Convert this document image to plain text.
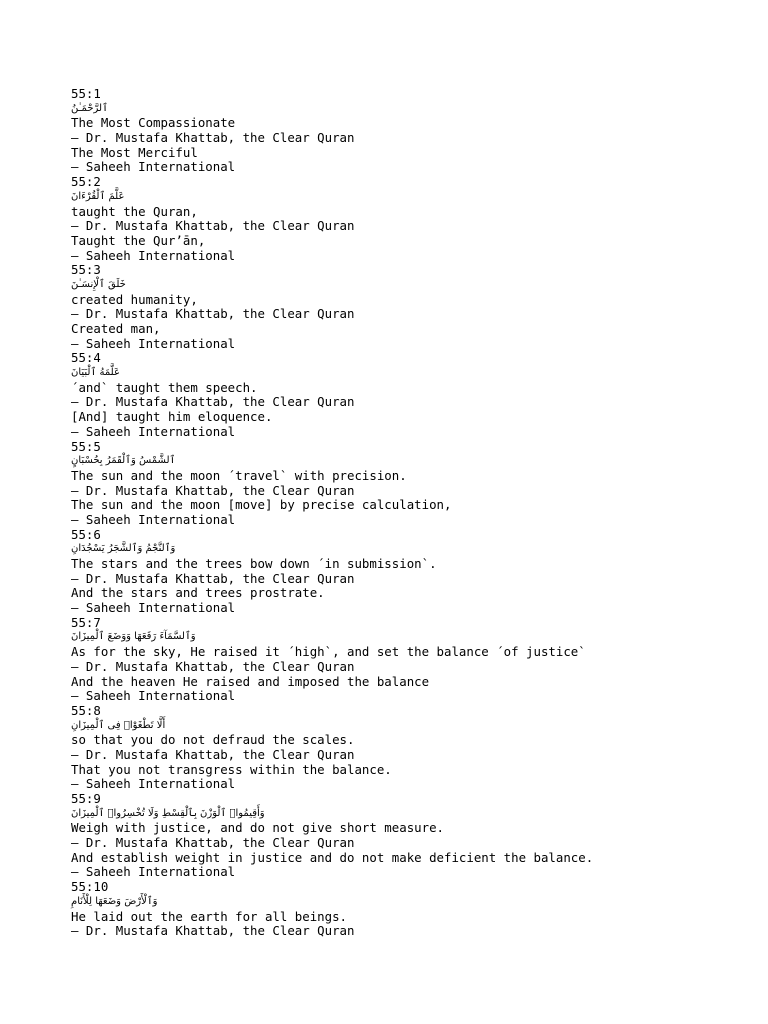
55:1
ٱلرَّحْمَـٰنُ
The Most Compassionate
— Dr. Mustafa Khattab, the Clear Quran
The Most Merciful
— Saheeh International
55:2
عَلَّمَ ٱلْقُرْءَانَ
taught the Quran,
— Dr. Mustafa Khattab, the Clear Quran
Taught the Qur’ān,
— Saheeh International
55:3
خَلَقَ ٱلْإِنسَـٰنَ
created humanity,
— Dr. Mustafa Khattab, the Clear Quran
Created man,
— Saheeh International
55:4
عَلَّمَهُ ٱلْبَيَانَ
´and` taught them speech.
— Dr. Mustafa Khattab, the Clear Quran
[And] taught him eloquence.
— Saheeh International
55:5
ٱلشَّمْسُ وَٱلْقَمَرُ بِحُسْبَانٍ
The sun and the moon ´travel` with precision.
— Dr. Mustafa Khattab, the Clear Quran
The sun and the moon [move] by precise calculation,
— Saheeh International
55:6
وَٱلنَّجْمُ وَٱلشَّجَرُ يَسْجُدَانِ
The stars and the trees bow down ´in submission`.
— Dr. Mustafa Khattab, the Clear Quran
And the stars and trees prostrate.
— Saheeh International
55:7
وَٱلسَّمَآءَ رَفَعَهَا وَوَضَعَ ٱلْمِيزَانَ
As for the sky, He raised it ´high`, and set the balance ´of justice`
— Dr. Mustafa Khattab, the Clear Quran
And the heaven He raised and imposed the balance
— Saheeh International
55:8
أَلَّا تَطْغَوْا۟ فِى ٱلْمِيزَانِ
so that you do not defraud the scales.
— Dr. Mustafa Khattab, the Clear Quran
That you not transgress within the balance.
— Saheeh International
55:9
وَأَقِيمُوا۟ ٱلْوَزْنَ بِٱلْقِسْطِ وَلَا تُخْسِرُوا۟ ٱلْمِيزَانَ
Weigh with justice, and do not give short measure.
— Dr. Mustafa Khattab, the Clear Quran
And establish weight in justice and do not make deficient the balance.
— Saheeh International
55:10
وَٱلْأَرْضَ وَضَعَهَا لِلْأَنَامِ
He laid out the earth for all beings.
— Dr. Mustafa Khattab, the Clear Quran
